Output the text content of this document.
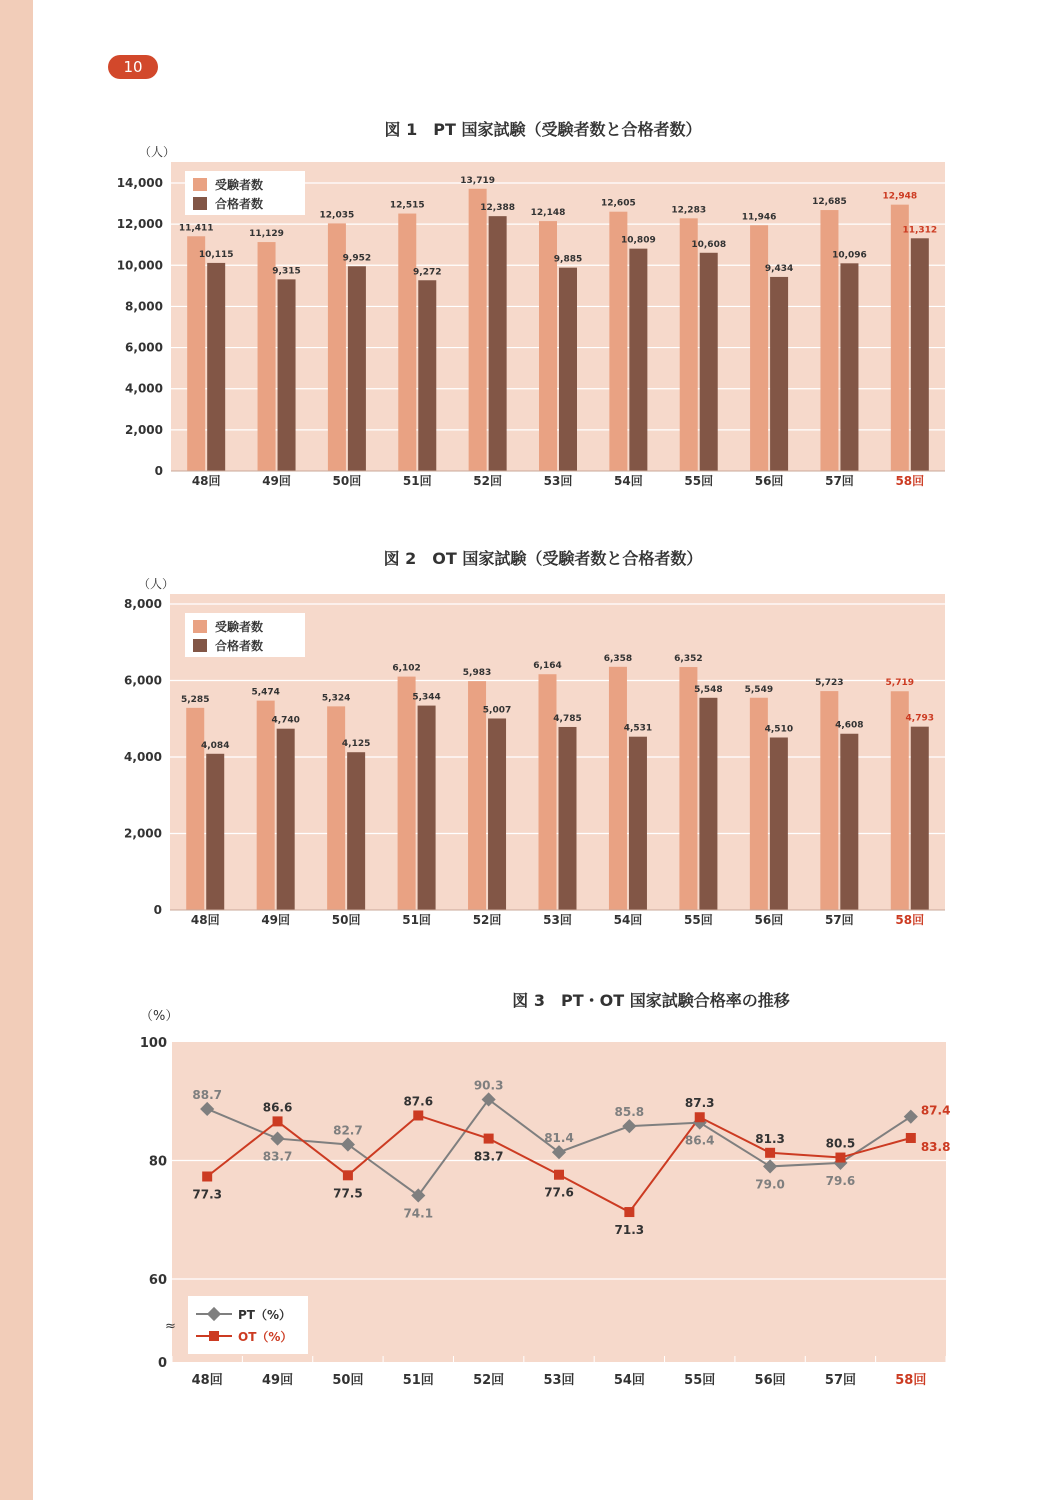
10
図 1　PT 国家試験（受験者数と合格者数）
0
2,000
4,000
6,000
8,000
10,000
12,000
14,000
（人）
11,411
10,115
48回
11,129
9,315
49回
12,035
9,952
50回
12,515
9,272
51回
13,719
12,388
52回
12,148
9,885
53回
12,605
10,809
54回
12,283
10,608
55回
11,946
9,434
56回
12,685
10,096
57回
12,948
11,312
58回
受験者数
合格者数
図 2　OT 国家試験（受験者数と合格者数）
0
2,000
4,000
6,000
8,000
（人）
5,285
4,084
48回
5,474
4,740
49回
5,324
4,125
50回
6,102
5,344
51回
5,983
5,007
52回
6,164
4,785
53回
6,358
4,531
54回
6,352
5,548
55回
5,549
4,510
56回
5,723
4,608
57回
5,719
4,793
58回
受験者数
合格者数
図 3　PT・OT 国家試験合格率の推移
0
60
80
100
（%）
≈
48回	49回	50回	51回	52回	53回	54回	55回	56回	57回	58回
88.7
77.3
83.7
86.6
82.7
77.5
74.1
87.6
90.3
83.7
81.4
77.6
85.8
71.3
86.4
87.3
79.0
81.3
79.6
80.5
87.4
83.8
PT（%）
OT（%）
